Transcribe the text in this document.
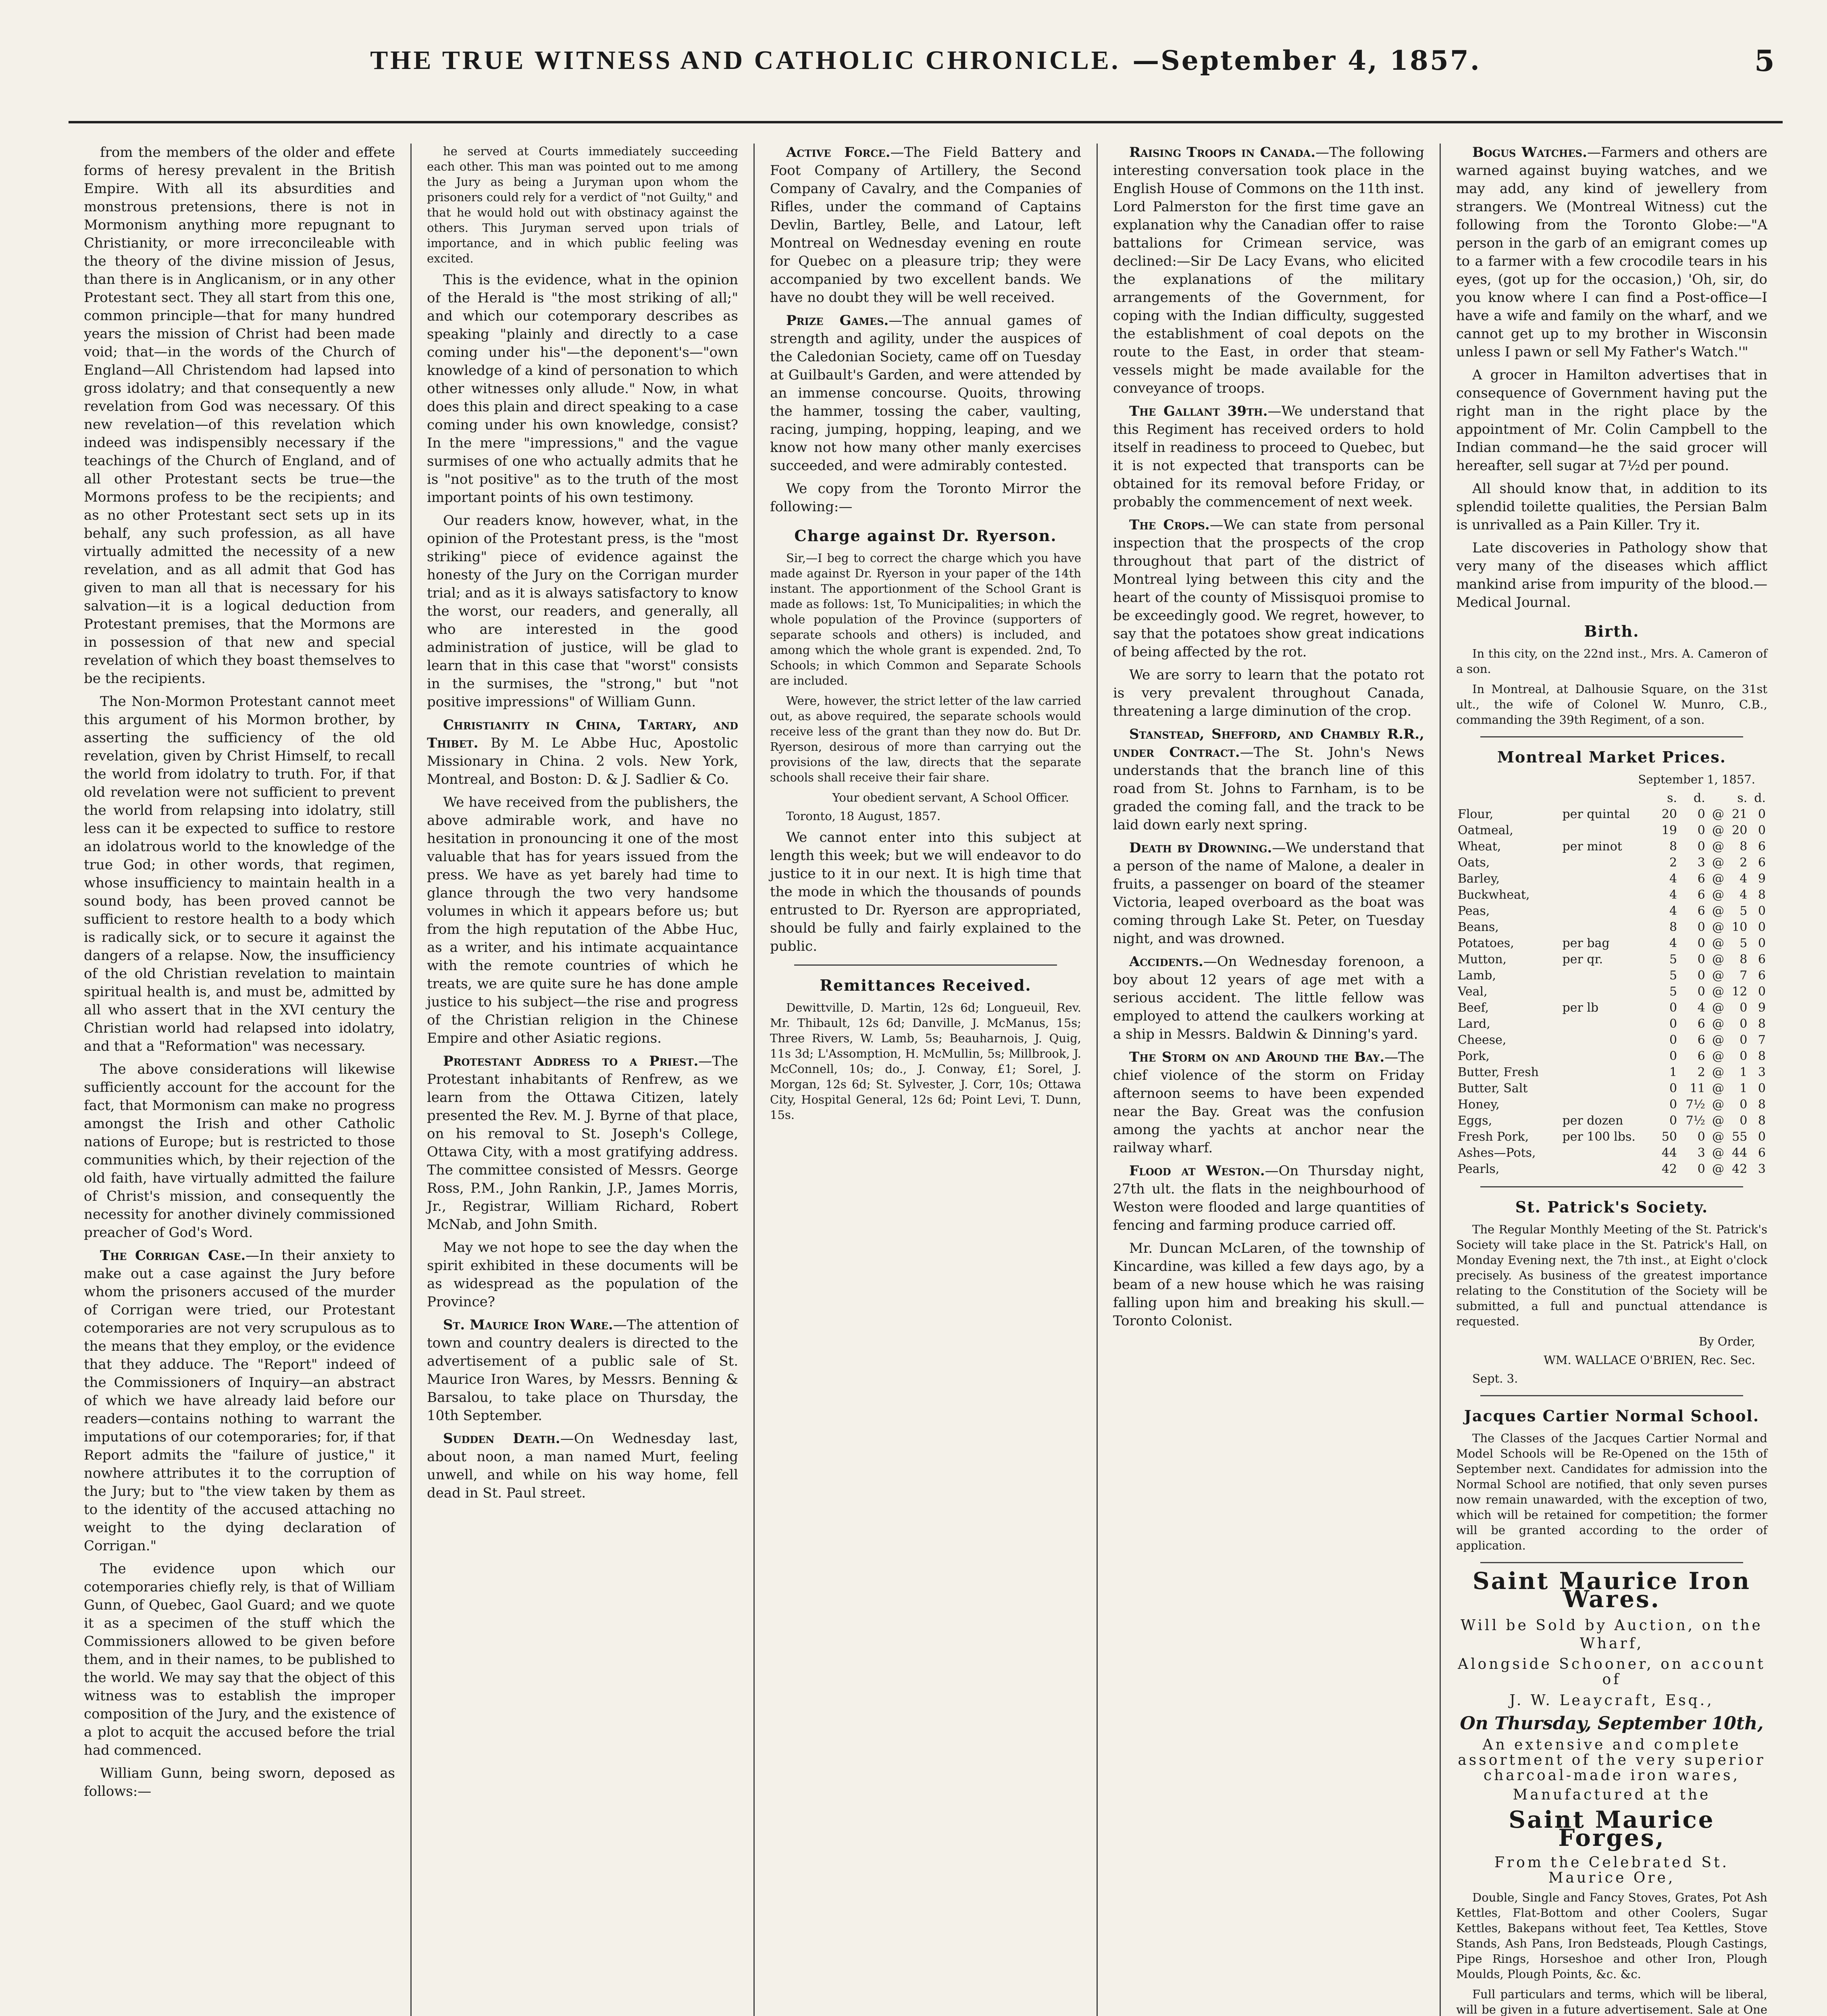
THE TRUE WITNESS AND CATHOLIC CHRONICLE. —September 4, 1857.	5

from the members of the older and effete forms of heresy prevalent in the British Empire. With all its absurdities and monstrous pretensions, there is not in Mormonism anything more repugnant to Christianity, or more irreconcileable with the theory of the divine mission of Jesus, than there is in Anglicanism, or in any other Protestant sect. They all start from this one, common principle—that for many hundred years the mission of Christ had been made void; that—in the words of the Church of England—All Christendom had lapsed into gross idolatry; and that consequently a new revelation from God was necessary. Of this new revelation—of this revelation which indeed was indispensibly necessary if the teachings of the Church of England, and of all other Protestant sects be true—the Mormons profess to be the recipients; and as no other Protestant sect sets up in its behalf, any such profession, as all have virtually admitted the necessity of a new revelation, and as all admit that God has given to man all that is necessary for his salvation—it is a logical deduction from Protestant premises, that the Mormons are in possession of that new and special revelation of which they boast themselves to be the recipients.

The Non-Mormon Protestant cannot meet this argument of his Mormon brother, by asserting the sufficiency of the old revelation, given by Christ Himself, to recall the world from idolatry to truth. For, if that old revelation were not sufficient to prevent the world from relapsing into idolatry, still less can it be expected to suffice to restore an idolatrous world to the knowledge of the true God; in other words, that regimen, whose insufficiency to maintain health in a sound body, has been proved cannot be sufficient to restore health to a body which is radically sick, or to secure it against the dangers of a relapse. Now, the insufficiency of the old Christian revelation to maintain spiritual health is, and must be, admitted by all who assert that in the XVI century the Christian world had relapsed into idolatry, and that a "Reformation" was necessary.

The above considerations will likewise sufficiently account for the account for the fact, that Mormonism can make no progress amongst the Irish and other Catholic nations of Europe; but is restricted to those communities which, by their rejection of the old faith, have virtually admitted the failure of Christ's mission, and consequently the necessity for another divinely commissioned preacher of God's Word.

The Corrigan Case.—In their anxiety to make out a case against the Jury before whom the prisoners accused of the murder of Corrigan were tried, our Protestant cotemporaries are not very scrupulous as to the means that they employ, or the evidence that they adduce. The "Report" indeed of the Commissioners of Inquiry—an abstract of which we have already laid before our readers—contains nothing to warrant the imputations of our cotemporaries; for, if that Report admits the "failure of justice," it nowhere attributes it to the corruption of the Jury; but to "the view taken by them as to the identity of the accused attaching no weight to the dying declaration of Corrigan."

The evidence upon which our cotemporaries chiefly rely, is that of William Gunn, of Quebec, Gaol Guard; and we quote it as a specimen of the stuff which the Commissioners allowed to be given before them, and in their names, to be published to the world. We may say that the object of this witness was to establish the improper composition of the Jury, and the existence of a plot to acquit the accused before the trial had commenced.

William Gunn, being sworn, deposed as follows:—

he served at Courts immediately succeeding each other. This man was pointed out to me among the Jury as being a Juryman upon whom the prisoners could rely for a verdict of "not Guilty," and that he would hold out with obstinacy against the others. This Juryman served upon trials of importance, and in which public feeling was excited.

This is the evidence, what in the opinion of the Herald is "the most striking of all;" and which our cotemporary describes as speaking "plainly and directly to a case coming under his"—the deponent's—"own knowledge of a kind of personation to which other witnesses only allude." Now, in what does this plain and direct speaking to a case coming under his own knowledge, consist? In the mere "impressions," and the vague surmises of one who actually admits that he is "not positive" as to the truth of the most important points of his own testimony.

Our readers know, however, what, in the opinion of the Protestant press, is the "most striking" piece of evidence against the honesty of the Jury on the Corrigan murder trial; and as it is always satisfactory to know the worst, our readers, and generally, all who are interested in the good administration of justice, will be glad to learn that in this case that "worst" consists in the surmises, the "strong," but "not positive impressions" of William Gunn.

Christianity in China, Tartary, and Thibet. By M. Le Abbe Huc, Apostolic Missionary in China. 2 vols. New York, Montreal, and Boston: D. & J. Sadlier & Co.

We have received from the publishers, the above admirable work, and have no hesitation in pronouncing it one of the most valuable that has for years issued from the press. We have as yet barely had time to glance through the two very handsome volumes in which it appears before us; but from the high reputation of the Abbe Huc, as a writer, and his intimate acquaintance with the remote countries of which he treats, we are quite sure he has done ample justice to his subject—the rise and progress of the Christian religion in the Chinese Empire and other Asiatic regions.

Protestant Address to a Priest.—The Protestant inhabitants of Renfrew, as we learn from the Ottawa Citizen, lately presented the Rev. M. J. Byrne of that place, on his removal to St. Joseph's College, Ottawa City, with a most gratifying address. The committee consisted of Messrs. George Ross, P.M., John Rankin, J.P., James Morris, Jr., Registrar, William Richard, Robert McNab, and John Smith.

May we not hope to see the day when the spirit exhibited in these documents will be as widespread as the population of the Province?

St. Maurice Iron Ware.—The attention of town and country dealers is directed to the advertisement of a public sale of St. Maurice Iron Wares, by Messrs. Benning & Barsalou, to take place on Thursday, the 10th September.

Sudden Death.—On Wednesday last, about noon, a man named Murt, feeling unwell, and while on his way home, fell dead in St. Paul street.

Active Force.—The Field Battery and Foot Company of Artillery, the Second Company of Cavalry, and the Companies of Rifles, under the command of Captains Devlin, Bartley, Belle, and Latour, left Montreal on Wednesday evening en route for Quebec on a pleasure trip; they were accompanied by two excellent bands. We have no doubt they will be well received.

Prize Games.—The annual games of strength and agility, under the auspices of the Caledonian Society, came off on Tuesday at Guilbault's Garden, and were attended by an immense concourse. Quoits, throwing the hammer, tossing the caber, vaulting, racing, jumping, hopping, leaping, and we know not how many other manly exercises succeeded, and were admirably contested.

We copy from the Toronto Mirror the following:—

Charge against Dr. Ryerson.

Sir,—I beg to correct the charge which you have made against Dr. Ryerson in your paper of the 14th instant. The apportionment of the School Grant is made as follows: 1st, To Municipalities; in which the whole population of the Province (supporters of separate schools and others) is included, and among which the whole grant is expended. 2nd, To Schools; in which Common and Separate Schools are included.

Were, however, the strict letter of the law carried out, as above required, the separate schools would receive less of the grant than they now do. But Dr. Ryerson, desirous of more than carrying out the provisions of the law, directs that the separate schools shall receive their fair share.

Your obedient servant, A School Officer.

Toronto, 18 August, 1857.

We cannot enter into this subject at length this week; but we will endeavor to do justice to it in our next. It is high time that the mode in which the thousands of pounds entrusted to Dr. Ryerson are appropriated, should be fully and fairly explained to the public.

Remittances Received.

Dewittville, D. Martin, 12s 6d; Longueuil, Rev. Mr. Thibault, 12s 6d; Danville, J. McManus, 15s; Three Rivers, W. Lamb, 5s; Beauharnois, J. Quig, 11s 3d; L'Assomption, H. McMullin, 5s; Millbrook, J. McConnell, 10s; do., J. Conway, £1; Sorel, J. Morgan, 12s 6d; St. Sylvester, J. Corr, 10s; Ottawa City, Hospital General, 12s 6d; Point Levi, T. Dunn, 15s.

Raising Troops in Canada.—The following interesting conversation took place in the English House of Commons on the 11th inst. Lord Palmerston for the first time gave an explanation why the Canadian offer to raise battalions for Crimean service, was declined:—Sir De Lacy Evans, who elicited the explanations of the military arrangements of the Government, for coping with the Indian difficulty, suggested the establishment of coal depots on the route to the East, in order that steam-vessels might be made available for the conveyance of troops.

The Gallant 39th.—We understand that this Regiment has received orders to hold itself in readiness to proceed to Quebec, but it is not expected that transports can be obtained for its removal before Friday, or probably the commencement of next week.

The Crops.—We can state from personal inspection that the prospects of the crop throughout that part of the district of Montreal lying between this city and the heart of the county of Missisquoi promise to be exceedingly good. We regret, however, to say that the potatoes show great indications of being affected by the rot.

We are sorry to learn that the potato rot is very prevalent throughout Canada, threatening a large diminution of the crop.

Stanstead, Shefford, and Chambly R.R., under Contract.—The St. John's News understands that the branch line of this road from St. Johns to Farnham, is to be graded the coming fall, and the track to be laid down early next spring.

Death by Drowning.—We understand that a person of the name of Malone, a dealer in fruits, a passenger on board of the steamer Victoria, leaped overboard as the boat was coming through Lake St. Peter, on Tuesday night, and was drowned.

Accidents.—On Wednesday forenoon, a boy about 12 years of age met with a serious accident. The little fellow was employed to attend the caulkers working at a ship in Messrs. Baldwin & Dinning's yard.

The Storm on and Around the Bay.—The chief violence of the storm on Friday afternoon seems to have been expended near the Bay. Great was the confusion among the yachts at anchor near the railway wharf.

Flood at Weston.—On Thursday night, 27th ult. the flats in the neighbourhood of Weston were flooded and large quantities of fencing and farming produce carried off.

Mr. Duncan McLaren, of the township of Kincardine, was killed a few days ago, by a beam of a new house which he was raising falling upon him and breaking his skull.—Toronto Colonist.

Bogus Watches.—Farmers and others are warned against buying watches, and we may add, any kind of jewellery from strangers. We (Montreal Witness) cut the following from the Toronto Globe:—"A person in the garb of an emigrant comes up to a farmer with a few crocodile tears in his eyes, (got up for the occasion,) 'Oh, sir, do you know where I can find a Post-office—I have a wife and family on the wharf, and we cannot get up to my brother in Wisconsin unless I pawn or sell My Father's Watch.'"

A grocer in Hamilton advertises that in consequence of Government having put the right man in the right place by the appointment of Mr. Colin Campbell to the Indian command—he the said grocer will hereafter, sell sugar at 7½d per pound.

All should know that, in addition to its splendid toilette qualities, the Persian Balm is unrivalled as a Pain Killer. Try it.

Late discoveries in Pathology show that very many of the diseases which afflict mankind arise from impurity of the blood.—Medical Journal.

Birth.

In this city, on the 22nd inst., Mrs. A. Cameron of a son.

In Montreal, at Dalhousie Square, on the 31st ult., the wife of Colonel W. Munro, C.B., commanding the 39th Regiment, of a son.

Montreal Market Prices.
September 1, 1857.
		s.	d.		s.	d.
Flour,	per quintal	20	0	@	21	0
Oatmeal,		19	0	@	20	0
Wheat,	per minot	8	0	@	8	6
Oats,		2	3	@	2	6
Barley,		4	6	@	4	9
Buckwheat,		4	6	@	4	8
Peas,		4	6	@	5	0
Beans,		8	0	@	10	0
Potatoes,	per bag	4	0	@	5	0
Mutton,	per qr.	5	0	@	8	6
Lamb,		5	0	@	7	6
Veal,		5	0	@	12	0
Beef,	per lb	0	4	@	0	9
Lard,		0	6	@	0	8
Cheese,		0	6	@	0	7
Pork,		0	6	@	0	8
Butter, Fresh		1	2	@	1	3
Butter, Salt		0	11	@	1	0
Honey,		0	7½	@	0	8
Eggs,	per dozen	0	7½	@	0	8
Fresh Pork,	per 100 lbs.	50	0	@	55	0
Ashes—Pots,		44	3	@	44	6
Pearls,		42	0	@	42	3
St. Patrick's Society.

The Regular Monthly Meeting of the St. Patrick's Society will take place in the St. Patrick's Hall, on Monday Evening next, the 7th inst., at Eight o'clock precisely. As business of the greatest importance relating to the Constitution of the Society will be submitted, a full and punctual attendance is requested.

By Order,
WM. WALLACE O'BRIEN, Rec. Sec.

Sept. 3.

Jacques Cartier Normal School.

The Classes of the Jacques Cartier Normal and Model Schools will be Re-Opened on the 15th of September next. Candidates for admission into the Normal School are notified, that only seven purses now remain unawarded, with the exception of two, which will be retained for competition; the former will be granted according to the order of application.

Saint Maurice Iron Wares.
Will be Sold by Auction, on the Wharf,
Alongside Schooner, on account of
J. W. Leaycraft, Esq.,
On Thursday, September 10th,
An extensive and complete assortment of the very superior charcoal-made iron wares,
Manufactured at the
Saint Maurice Forges,
From the Celebrated St. Maurice Ore,

Double, Single and Fancy Stoves, Grates, Pot Ash Kettles, Flat-Bottom and other Coolers, Sugar Kettles, Bakepans without feet, Tea Kettles, Stove Stands, Ash Pans, Iron Bedsteads, Plough Castings, Pipe Rings, Horseshoe and other Iron, Plough Moulds, Plough Points, &c. &c.

Full particulars and terms, which will be liberal, will be given in a future advertisement. Sale at One
